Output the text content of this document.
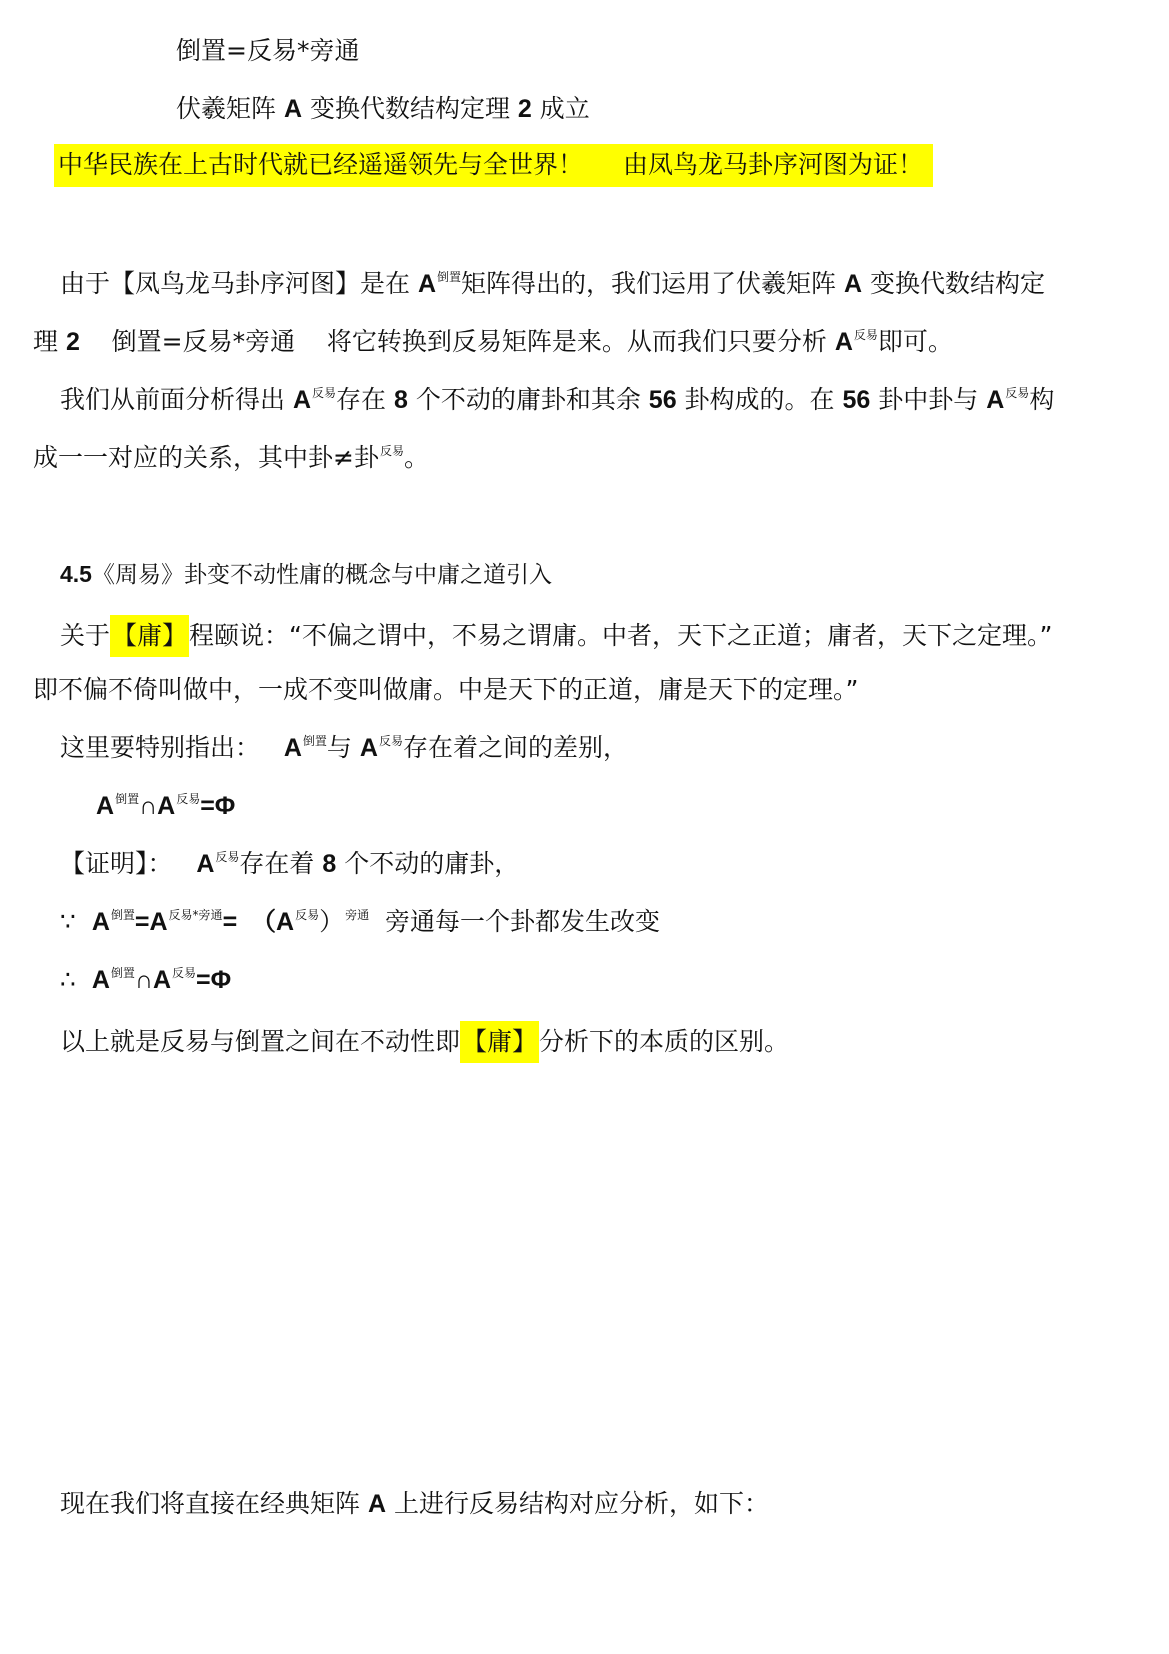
倒置=反易*旁通
伏羲矩阵 A 变换代数结构定理 2 成立
中华民族在上古时代就已经遥遥领先与全世界！ 由凤鸟龙马卦序河图为证！
由于【凤鸟龙马卦序河图】是在 $A^{倒置}$矩阵得出的，我们运用了伏羲矩阵 A 变换代数结构定
理 2    倒置=反易*旁通    将它转换到反易矩阵是来。从而我们只要分析 $A^{反易}$即可。
我们从前面分析得出 $A^{反易}$存在 8 个不动的庸卦和其余 56 卦构成的。在 56 卦中卦与 $A^{反易}$构
成一一对应的关系，其中卦≠卦$^{反易}$。
4.5《周易》卦变不动性庸的概念与中庸之道引入
关于【庸】程颐说：“不偏之谓中，不易之谓庸。中者，天下之正道；庸者，天下之定理。”
即不偏不倚叫做中，一成不变叫做庸。中是天下的正道，庸是天下的定理。”
这里要特别指出：   $A^{倒置}$与 $A^{反易}$存在着之间的差别，
$A^{倒置}\cap A^{反易}=\Phi$
【证明】：   $A^{反易}$存在着 8 个不动的庸卦，
∵  $A^{倒置}=A^{反易*旁通}= (A^{反易})^{旁通}$  旁通每一个卦都发生改变
∴  $A^{倒置}\cap A^{反易}=\Phi$
以上就是反易与倒置之间在不动性即【庸】分析下的本质的区别。
现在我们将直接在经典矩阵 A 上进行反易结构对应分析，如下：
